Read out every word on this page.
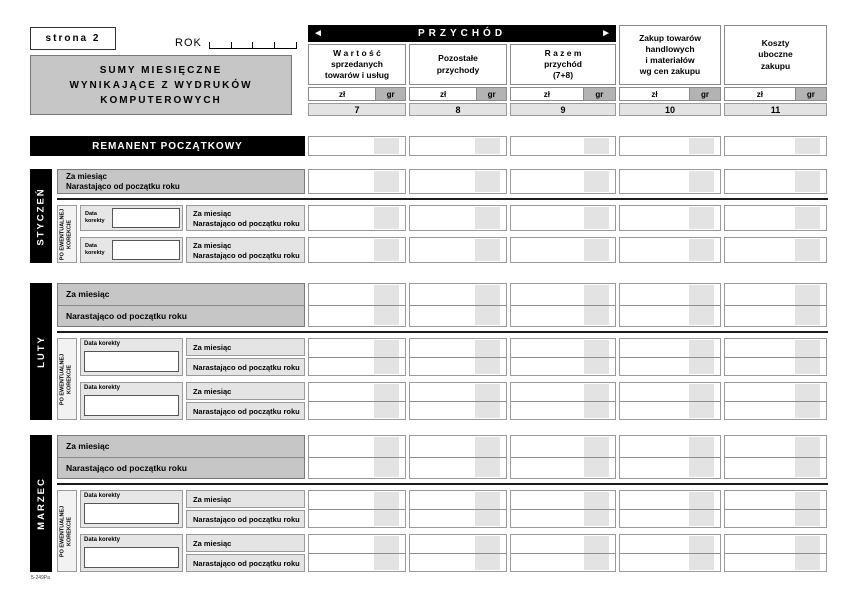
strona 2	ROK
SUMY MIESIĘCZNE
WYNIKAJĄCE Z WYDRUKÓW
KOMPUTEROWYCH
◄	PRZYCHÓD	►
W a r t o ś ć
sprzedanych
towarów i usług
zł	gr
7
Pozostałe
przychody
zł	gr
8
R a z e m
przychód
(7+8)
zł	gr
9
Zakup towarów
handlowych
i materiałów
wg cen zakupu
zł	gr
10
Koszty
uboczne
zakupu
zł	gr
11
REMANENT POCZĄTKOWY
STYCZEŃ
Za miesiąc
Narastająco od początku roku
PO EWENTUALNEJ KOREKCIE
Data korekty
Za miesiąc
Narastająco od początku roku
Data korekty
Za miesiąc
Narastająco od początku roku
LUTY
Za miesiąc
Narastająco od początku roku
PO EWENTUALNEJ KOREKCIE
Data korekty	Za miesiąc
Narastająco od początku roku
Data korekty	Za miesiąc
Narastająco od początku roku
MARZEC
Za miesiąc
Narastająco od początku roku
PO EWENTUALNEJ KOREKCIE
Data korekty	Za miesiąc
Narastająco od początku roku
Data korekty	Za miesiąc
Narastająco od początku roku
5-249Pa
